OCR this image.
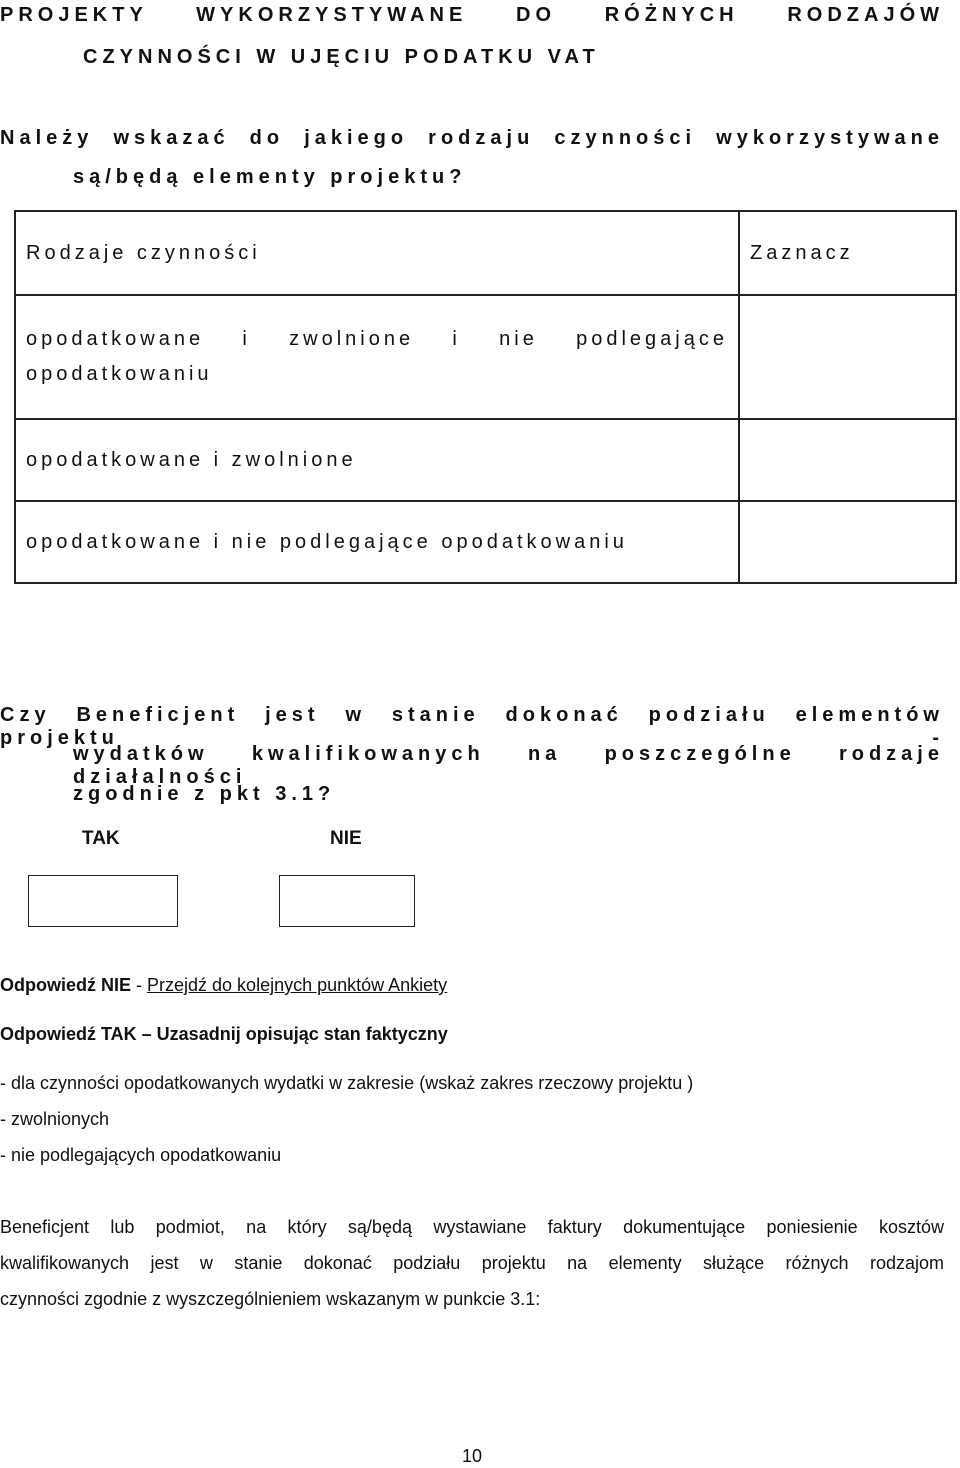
PROJEKTY WYKORZYSTYWANE DO RÓŻNYCH RODZAJÓW
CZYNNOŚCI W UJĘCIU PODATKU VAT
Należy wskazać do jakiego rodzaju czynności wykorzystywane
są/będą elementy projektu?
Rodzaje czynności	Zaznacz

opodatkowane i zwolnione i nie podlegające
opodatkowaniu	

opodatkowane i zwolnione	
opodatkowane i nie podlegające opodatkowaniu	
Czy Beneficjent jest w stanie dokonać podziału elementów projektu -
wydatków kwalifikowanych na poszczególne rodzaje działalności
zgodnie z pkt 3.1?
TAK	NIE
Odpowiedź NIE - Przejdź do kolejnych punktów Ankiety
Odpowiedź TAK – Uzasadnij opisując stan faktyczny
- dla czynności opodatkowanych wydatki w zakresie (wskaż zakres rzeczowy projektu )
- zwolnionych
- nie podlegających opodatkowaniu
Beneficjent lub podmiot, na który są/będą wystawiane faktury dokumentujące poniesienie kosztów
kwalifikowanych jest w stanie dokonać podziału projektu na elementy służące różnych rodzajom
czynności zgodnie z wyszczególnieniem wskazanym w punkcie 3.1:
10
